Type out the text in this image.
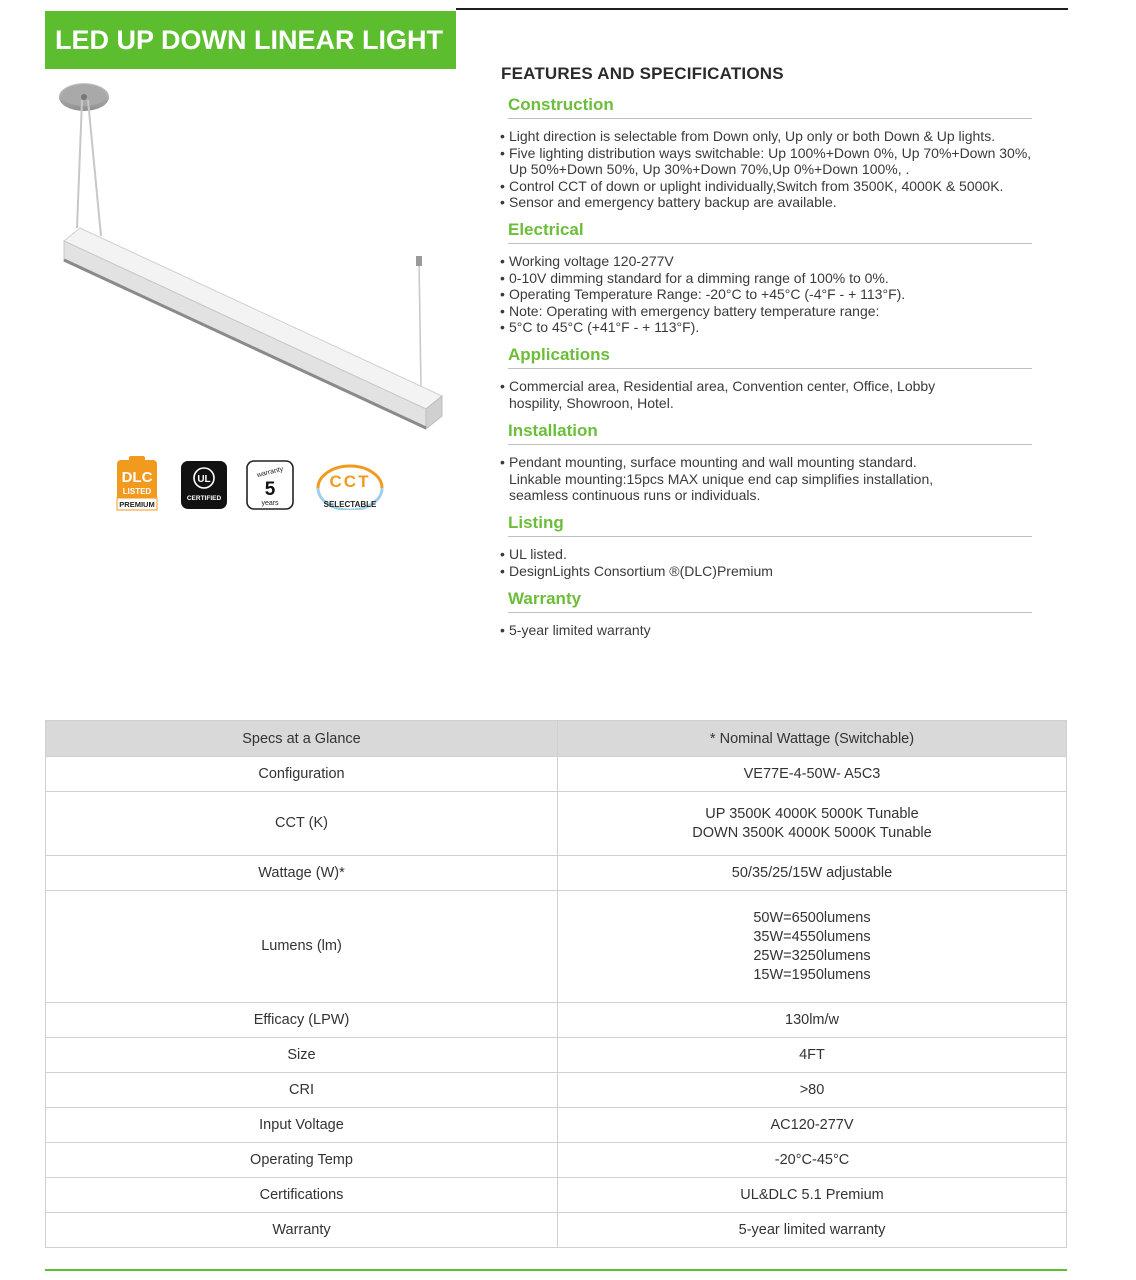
LED UP DOWN LINEAR LIGHT
DLC
LISTED
PREMIUM
UL
CERTIFIED
warranty
5
years
CCT
SELECTABLE
FEATURES AND SPECIFICATIONS
Construction
• Light direction is selectable from Down only, Up only or both Down & Up lights.
• Five lighting distribution ways switchable: Up 100%+Down 0%, Up 70%+Down 30%,
Up 50%+Down 50%, Up 30%+Down 70%,Up 0%+Down 100%, .
• Control CCT of down or uplight individually,Switch from 3500K, 4000K & 5000K.
• Sensor and emergency battery backup are available.
Electrical
• Working voltage 120-277V
• 0-10V dimming standard for a dimming range of 100% to 0%.
• Operating Temperature Range: -20°C to +45°C (-4°F - + 113°F).
• Note: Operating with emergency battery temperature range:
• 5°C to 45°C (+41°F - + 113°F).
Applications
• Commercial area, Residential area, Convention center, Office, Lobby
hospility, Showroon, Hotel.
Installation
• Pendant mounting, surface mounting and wall mounting standard.
Linkable mounting:15pcs MAX unique end cap simplifies installation,
seamless continuous runs or individuals.
Listing
• UL listed.
• DesignLights Consortium ®(DLC)Premium
Warranty
• 5-year limited warranty
Specs at a Glance	* Nominal Wattage (Switchable)
Configuration	VE77E-4-50W- A5C3
CCT (K)	UP 3500K 4000K 5000K Tunable
DOWN 3500K 4000K 5000K Tunable
Wattage (W)*	50/35/25/15W adjustable
Lumens (lm)	50W=6500lumens
35W=4550lumens
25W=3250lumens
15W=1950lumens
Efficacy (LPW)	130lm/w
Size	4FT
CRI	>80
Input Voltage	AC120-277V
Operating Temp	-20°C-45°C
Certifications	UL&DLC 5.1 Premium
Warranty	5-year limited warranty
